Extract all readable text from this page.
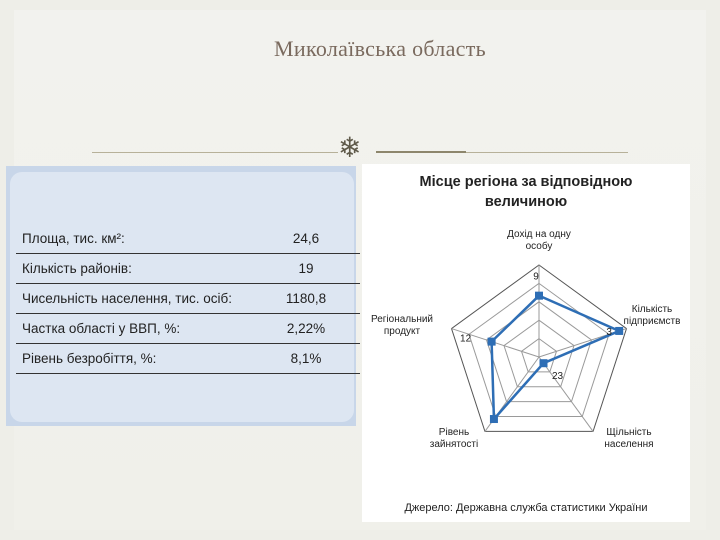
Миколаївська область
❄
Площа, тис. км²:	24,6
Кількість районів:	19
Чисельність населення, тис. осіб:	1180,8
Частка області у ВВП, %:	2,22%
Рівень безробіття, %:	8,1%
Місце регіона за відповідною
величиною
9
3
23
12
Дохід на одну особу
Кількість підприємств
Щільність населення
Рівень зайнятості
Регіональний продукт
Джерело: Державна служба статистики України
